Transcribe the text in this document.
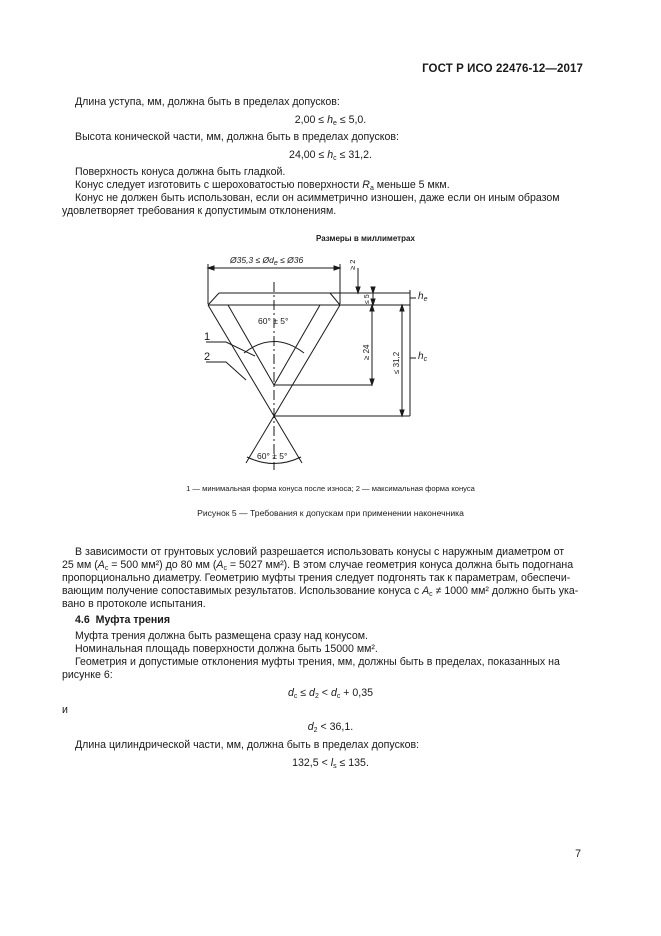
ГОСТ Р ИСО 22476-12—2017
Длина уступа, мм, должна быть в пределах допусков:
$2,00 \le h_e \le 5,0$.
Высота конической части, мм, должна быть в пределах допусков:
$24,00 \le h_c \le 31,2$.
Поверхность конуса должна быть гладкой.
Конус следует изготовить с шероховатостью поверхности $R_a$ меньше 5 мкм.
Конус не должен быть использован, если он асимметрично изношен, даже если он иным образом
удовлетворяет требования к допустимым отклонениям.
Размеры в миллиметрах
Ø35,3 ≤ $Ød_e$ ≤ Ø36
60° ± 5°
60° ± 5°
1
2
≥ 2
≤ 5
≥ 24	≤ 31,2
$h_e$
$h_c$
1 — минимальная форма конуса после износа; 2 — максимальная форма конуса
Рисунок 5 — Требования к допускам при применении наконечника
В зависимости от грунтовых условий разрешается использовать конусы с наружным диаметром от
25 мм ($A_c = 500$ мм²) до 80 мм ($A_c = 5027$ мм²). В этом случае геометрия конуса должна быть подогнана
пропорционально диаметру. Геометрию муфты трения следует подгонять так к параметрам, обеспечи-
вающим получение сопоставимых результатов. Использование конуса с $A_c \ne 1000$ мм² должно быть ука-
вано в протоколе испытания.
4.6 Муфта трения
Муфта трения должна быть размещена сразу над конусом.
Номинальная площадь поверхности должна быть 15000 мм².
Геометрия и допустимые отклонения муфты трения, мм, должны быть в пределах, показанных на
рисунке 6:
$d_c \le d_2 < d_c + 0,35$
и
$d_2 < 36,1$.
Длина цилиндрической части, мм, должна быть в пределах допусков:
$132,5 < l_s \le 135$.
7
